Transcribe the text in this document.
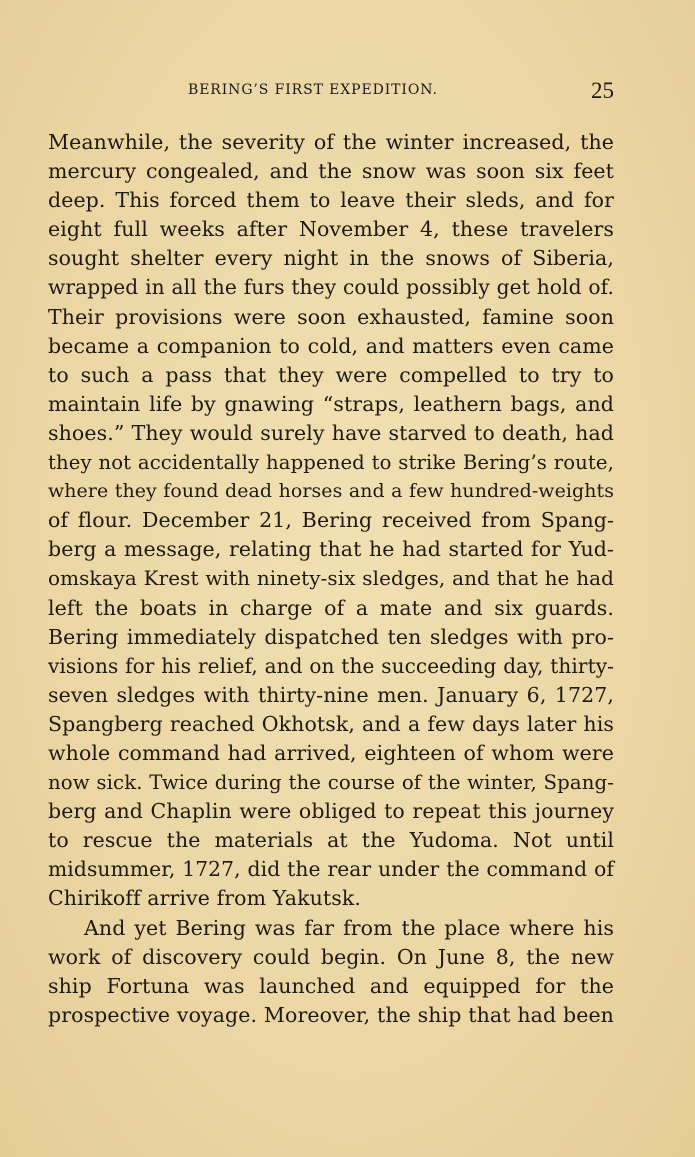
BERING’S FIRST EXPEDITION.	25
Meanwhile, the severity of the winter increased, the
mercury congealed, and the snow was soon six feet
deep. This forced them to leave their sleds, and for
eight full weeks after November 4, these travelers
sought shelter every night in the snows of Siberia,
wrapped in all the furs they could possibly get hold of.
Their provisions were soon exhausted, famine soon
became a companion to cold, and matters even came
to such a pass that they were compelled to try to
maintain life by gnawing “straps, leathern bags, and
shoes.” They would surely have starved to death, had
they not accidentally happened to strike Bering’s route,
where they found dead horses and a few hundred-weights
of flour. December 21, Bering received from Spang-
berg a message, relating that he had started for Yud-
omskaya Krest with ninety-six sledges, and that he had
left the boats in charge of a mate and six guards.
Bering immediately dispatched ten sledges with pro-
visions for his relief, and on the succeeding day, thirty-
seven sledges with thirty-nine men. January 6, 1727,
Spangberg reached Okhotsk, and a few days later his
whole command had arrived, eighteen of whom were
now sick. Twice during the course of the winter, Spang-
berg and Chaplin were obliged to repeat this journey
to rescue the materials at the Yudoma. Not until
midsummer, 1727, did the rear under the command of
Chirikoff arrive from Yakutsk.
And yet Bering was far from the place where his
work of discovery could begin. On June 8, the new
ship Fortuna was launched and equipped for the
prospective voyage. Moreover, the ship that had been
